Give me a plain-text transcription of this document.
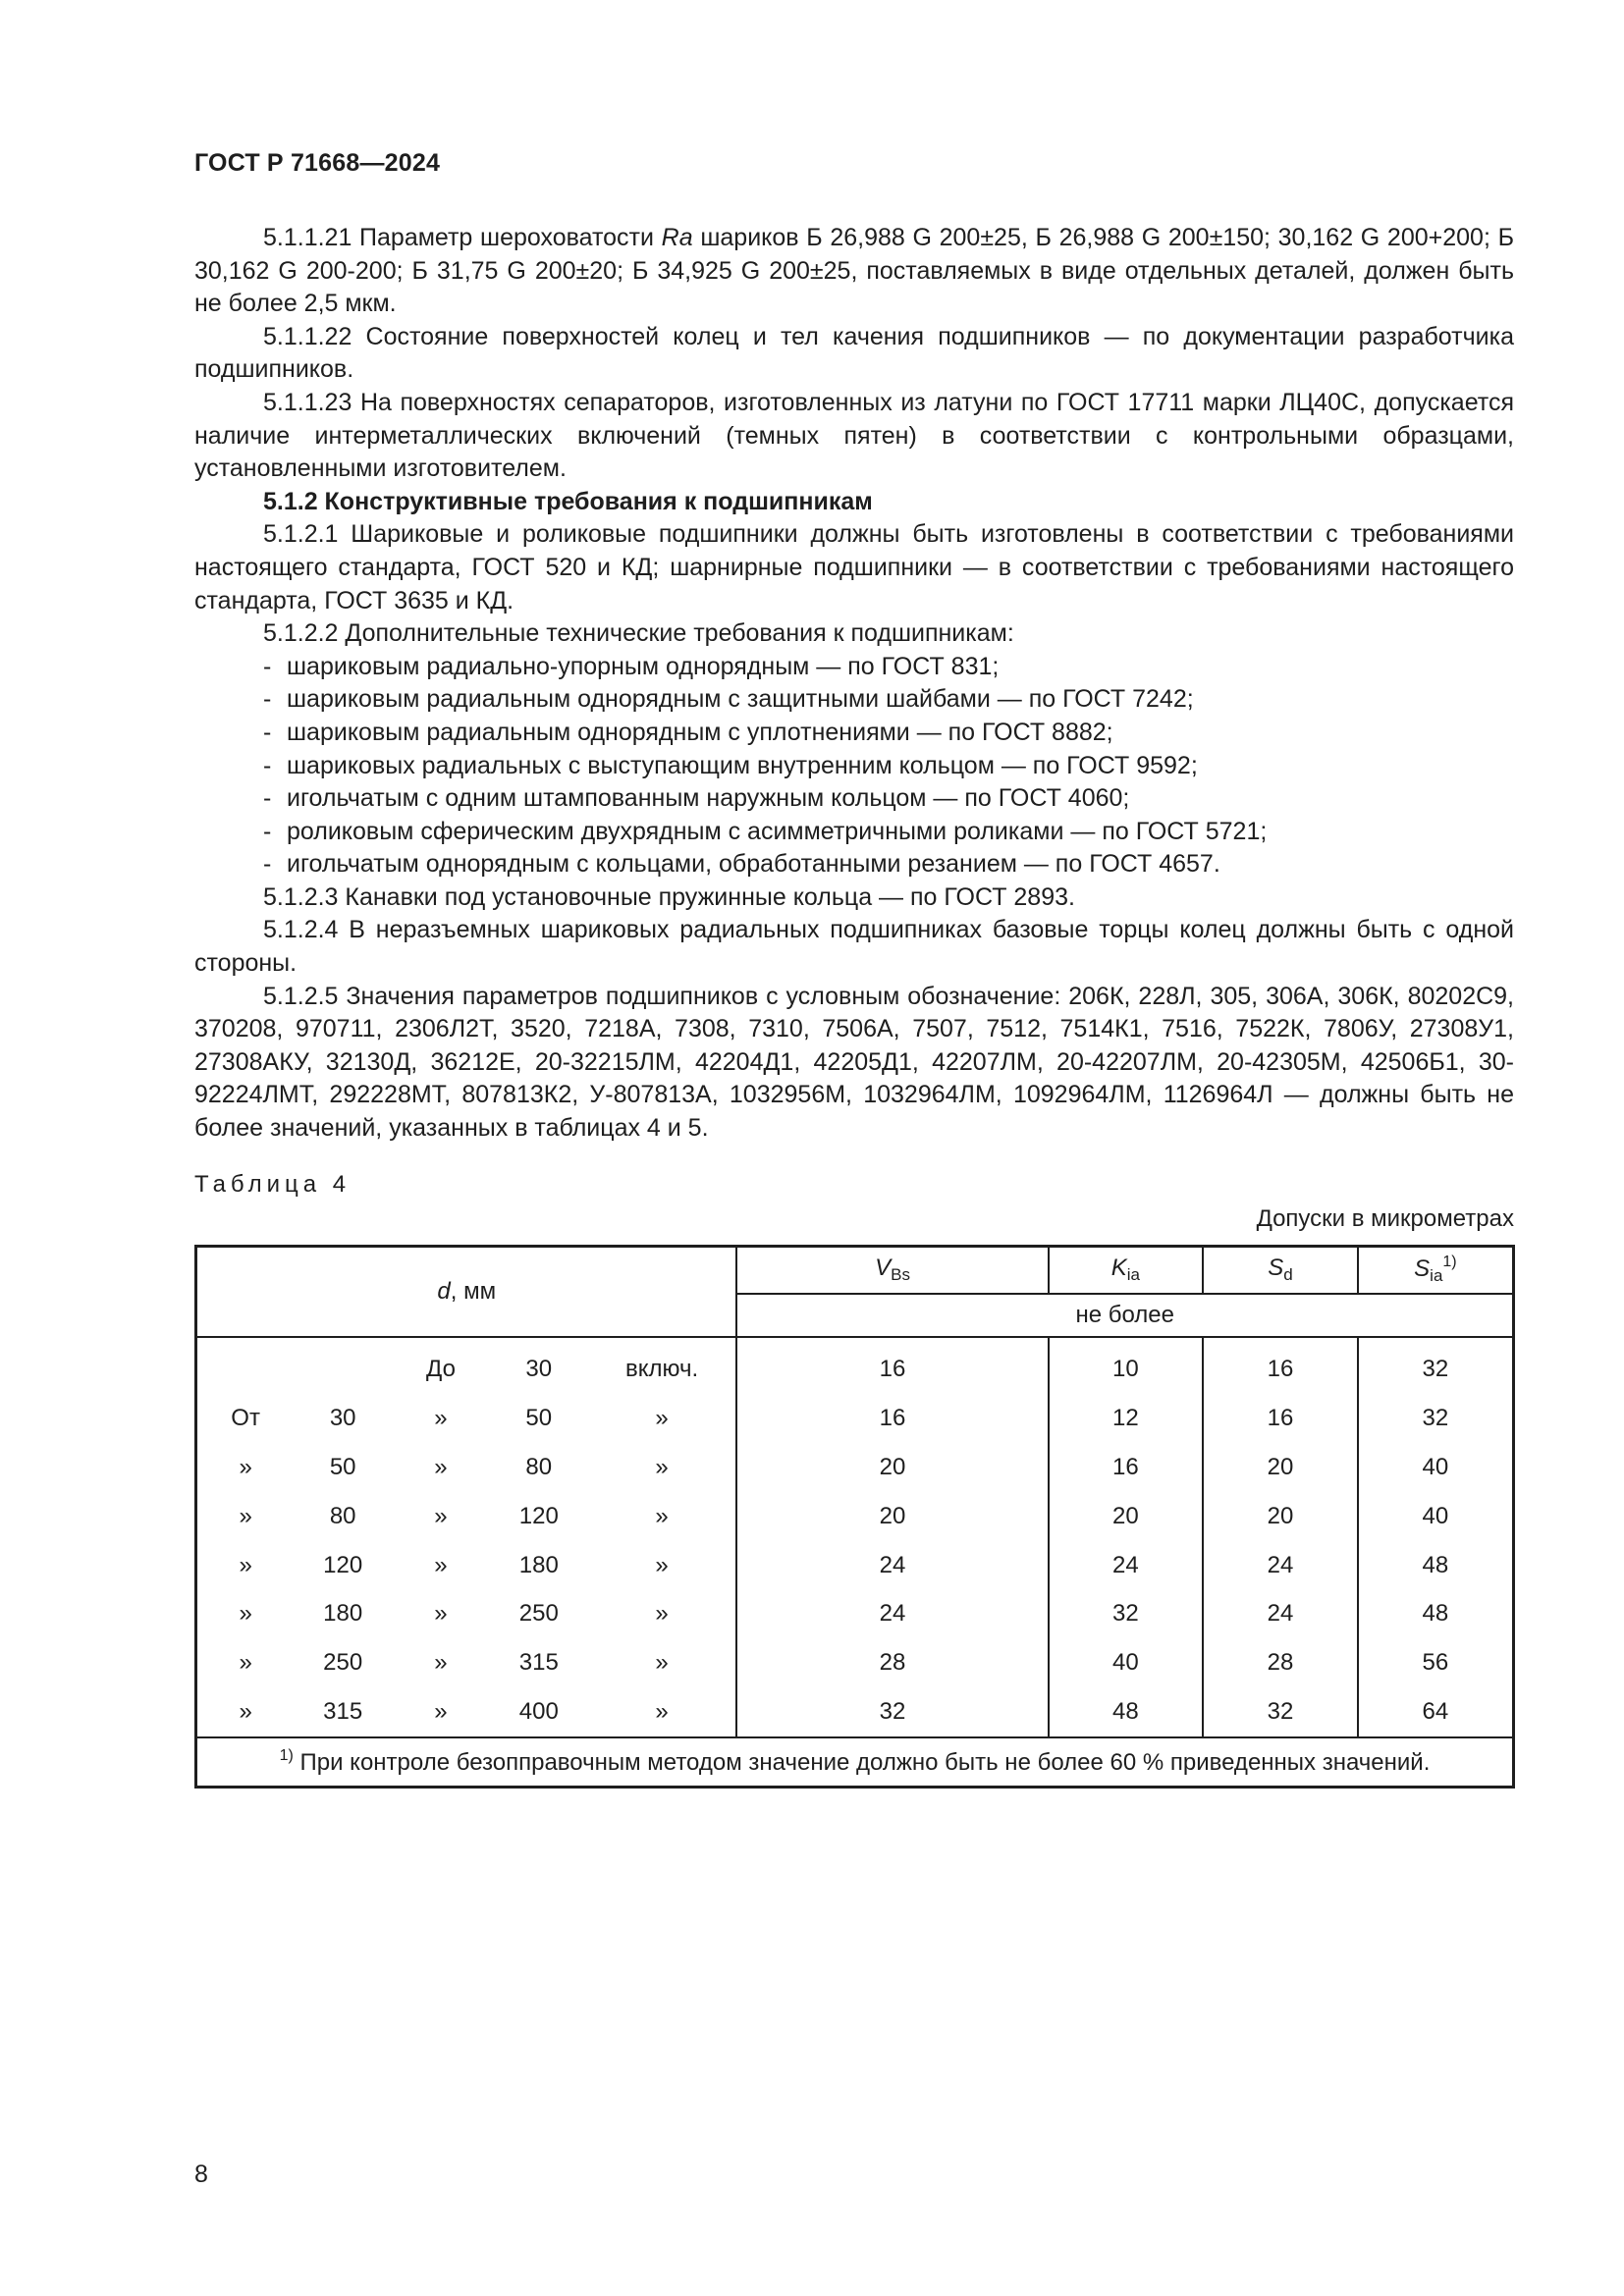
ГОСТ Р 71668—2024

5.1.1.21 Параметр шероховатости Ra шариков Б 26,988 G 200±25, Б 26,988 G 200±150; 30,162 G 200+200; Б 30,162 G 200-200; Б 31,75 G 200±20; Б 34,925 G 200±25, поставляемых в виде отдельных деталей, должен быть не более 2,5 мкм.

5.1.1.22 Состояние поверхностей колец и тел качения подшипников — по документации разработчика подшипников.

5.1.1.23 На поверхностях сепараторов, изготовленных из латуни по ГОСТ 17711 марки ЛЦ40С, допускается наличие интерметаллических включений (темных пятен) в соответствии с контрольными образцами, установленными изготовителем.

5.1.2 Конструктивные требования к подшипникам

5.1.2.1 Шариковые и роликовые подшипники должны быть изготовлены в соответствии с требованиями настоящего стандарта, ГОСТ 520 и КД; шарнирные подшипники — в соответствии с требованиями настоящего стандарта, ГОСТ 3635 и КД.

5.1.2.2 Дополнительные технические требования к подшипникам:

- шариковым радиально-упорным однорядным — по ГОСТ 831;
- шариковым радиальным однорядным с защитными шайбами — по ГОСТ 7242;
- шариковым радиальным однорядным с уплотнениями — по ГОСТ 8882;
- шариковых радиальных с выступающим внутренним кольцом — по ГОСТ 9592;
- игольчатым с одним штампованным наружным кольцом — по ГОСТ 4060;
- роликовым сферическим двухрядным с асимметричными роликами — по ГОСТ 5721;
- игольчатым однорядным с кольцами, обработанными резанием — по ГОСТ 4657.

5.1.2.3 Канавки под установочные пружинные кольца — по ГОСТ 2893.

5.1.2.4 В неразъемных шариковых радиальных подшипниках базовые торцы колец должны быть с одной стороны.

5.1.2.5 Значения параметров подшипников с условным обозначение: 206К, 228Л, 305, 306А, 306К, 80202С9, 370208, 970711, 2306Л2Т, 3520, 7218А, 7308, 7310, 7506А, 7507, 7512, 7514К1, 7516, 7522К, 7806У, 27308У1, 27308АКУ, 32130Д, 36212Е, 20-32215ЛМ, 42204Д1, 42205Д1, 42207ЛМ, 20-42207ЛМ, 20-42305М, 42506Б1, 30-92224ЛМТ, 292228МТ, 807813К2, У-807813А, 1032956М, 1032964ЛМ, 1092964ЛМ, 1126964Л — должны быть не более значений, указанных в таблицах 4 и 5.

Таблица 4
Допуски в микрометрах
d, мм					$V_{Bs}$	$K_{ia}$	$S_d$	$S_{ia}^{1)}$
					не более			
		До	30	включ.	16	10	16	32
От	30	»	50	»	16	12	16	32
»	50	»	80	»	20	16	20	40
»	80	»	120	»	20	20	20	40
»	120	»	180	»	24	24	24	48
»	180	»	250	»	24	32	24	48
»	250	»	315	»	28	40	28	56
»	315	»	400	»	32	48	32	64
$^{1)}$ При контроле безопправочным методом значение должно быть не более 60 % приведенных значений.								
8
